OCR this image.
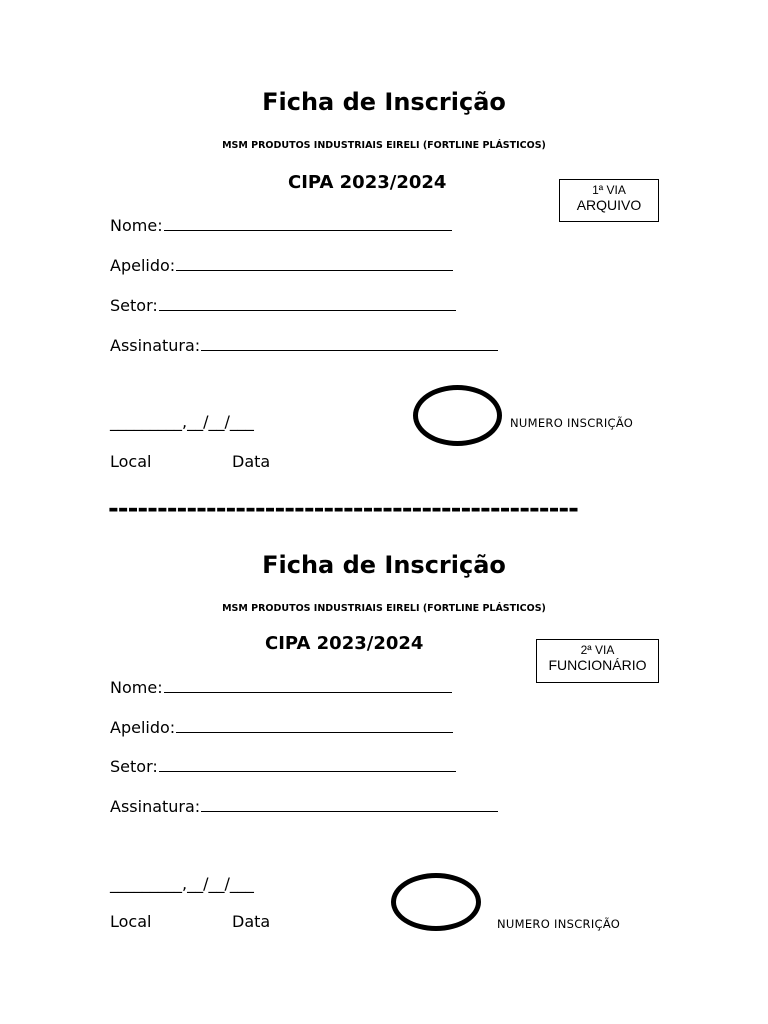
Ficha de Inscrição
MSM PRODUTOS INDUSTRIAIS EIRELI (FORTLINE PLÁSTICOS)
CIPA 2023/2024	1ª VIA
ARQUIVO
Nome:
Apelido:
Setor:
Assinatura:
_________,__/__/___	NUMERO INSCRIÇÃO
Local	Data
------------------------------------------------
Ficha de Inscrição
MSM PRODUTOS INDUSTRIAIS EIRELI (FORTLINE PLÁSTICOS)
CIPA 2023/2024	2ª VIA
FUNCIONÁRIO
Nome:
Apelido:
Setor:
Assinatura:
_________,__/__/___
NUMERO INSCRIÇÃO
Local	Data
